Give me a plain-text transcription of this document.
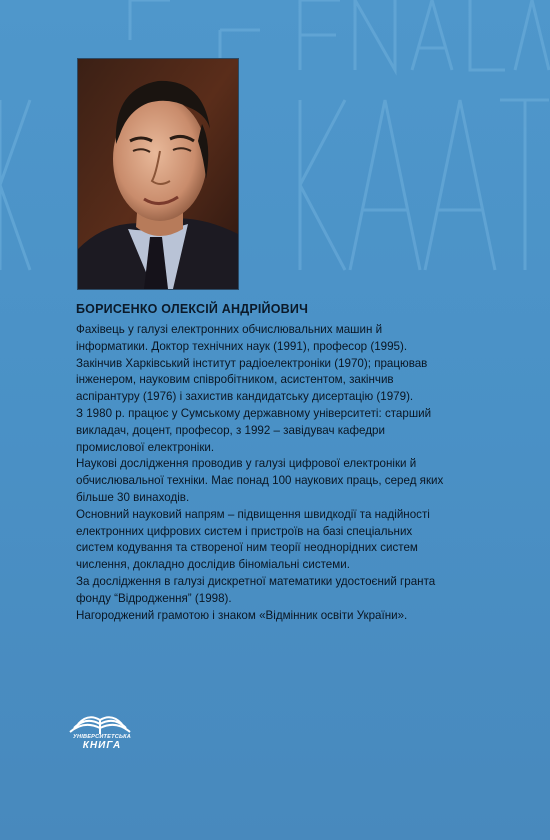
БОРИСЕНКО ОЛЕКСІЙ АНДРІЙОВИЧ
Фахівець у галузі електронних обчислювальних машин й
інформатики. Доктор технічних наук (1991), професор (1995).
Закінчив Харківський інститут радіоелектроніки (1970); працював
інженером, науковим співробітником, асистентом, закінчив
аспірантуру (1976) і захистив кандидатську дисертацію (1979).
З 1980 р. працює у Сумському державному університеті: старший
викладач, доцент, професор, з 1992 – завідувач кафедри
промислової електроніки.
Наукові дослідження проводив у галузі цифрової електроніки й
обчислювальної техніки. Має понад 100 наукових праць, серед яких
більше 30 винаходів.
Основний науковий напрям – підвищення швидкодії та надійності
електронних цифрових систем і пристроїв на базі спеціальних
систем кодування та створеної ним теорії неоднорідних систем
числення, докладно дослідив біноміальні системи.
За дослідження в галузі дискретної математики удостоєний гранта
фонду “Відродження” (1998).
Нагороджений грамотою і знаком «Відмінник освіти України».
УНІВЕРСИТЕТСЬКА
КНИГА
